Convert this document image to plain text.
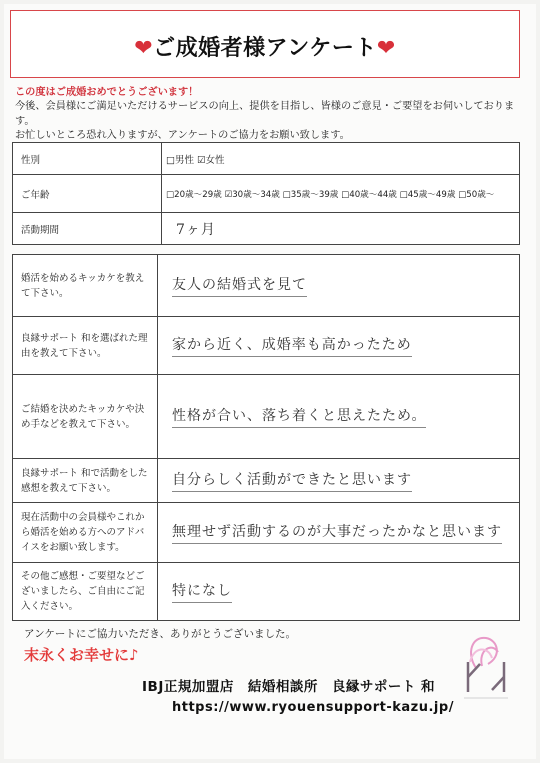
❤ご成婚者様アンケート❤
この度はご成婚おめでとうございます！
今後、会員様にご満足いただけるサービスの向上、提供を目指し、皆様のご意見・ご要望をお伺いしております。
お忙しいところ恐れ入りますが、アンケートのご協力をお願い致します。
性別	□男性 ☑女性
ご年齢	□20歳～29歳 ☑30歳～34歳 □35歳～39歳 □40歳～44歳 □45歳～49歳 □50歳～
活動期間	7ヶ月
婚活を始めるキッカケを教えて下さい。	友人の結婚式を見て
良縁サポート 和を選ばれた理由を教えて下さい。	家から近く、成婚率も高かったため
ご結婚を決めたキッカケや決め手などを教えて下さい。	性格が合い、落ち着くと思えたため。
良縁サポート 和で活動をした感想を教えて下さい。	自分らしく活動ができたと思います
現在活動中の会員様やこれから婚活を始める方へのアドバイスをお願い致します。	無理せず活動するのが大事だったかなと思います
その他ご感想・ご要望などございましたら、ご自由にご記入ください。	特になし
アンケートにご協力いただき、ありがとうございました。
末永くお幸せに♪
IBJ正規加盟店　結婚相談所　良縁サポート 和
https://www.ryouensupport-kazu.jp/
